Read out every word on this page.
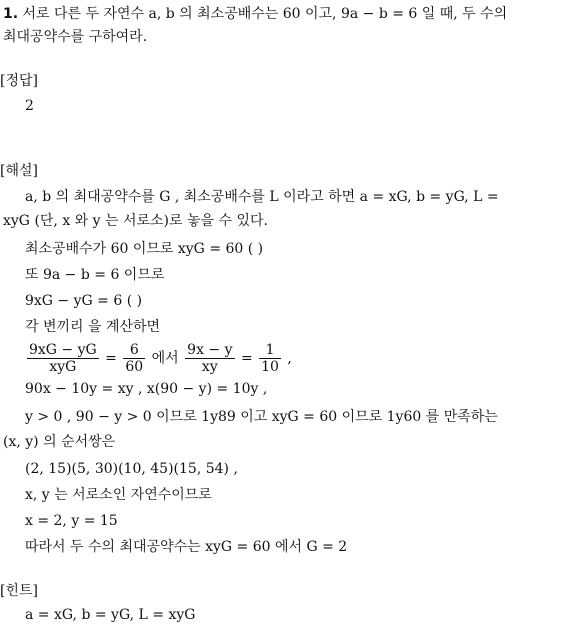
1. 서로 다른 두 자연수 a, b 의 최소공배수는 60 이고, 9a − b = 6 일 때, 두 수의
최대공약수를 구하여라.
[정답]
2
[해설]
a, b 의 최대공약수를 G , 최소공배수를 L 이라고 하면 a = xG, b = yG, L =
xyG (단, x 와 y 는 서로소)로 놓을 수 있다.
최소공배수가 60 이므로 xyG = 60 ( )
또 9a − b = 6 이므로
9xG − yG = 6 ( )
각 변끼리 을 계산하면
$\frac{9xG - yG}{\text{xyG}} = \frac{6}{60}$ 에서 $\frac{9x - y}{xy} = \frac{1}{10}$ ,
90x − 10y = xy , x(90 − y) = 10y ,
y > 0 , 90 − y > 0 이므로 1y89 이고 xyG = 60 이므로 1y60 를 만족하는
(x, y) 의 순서쌍은
(2, 15)(5, 30)(10, 45)(15, 54) ,
x, y 는 서로소인 자연수이므로
x = 2, y = 15
따라서 두 수의 최대공약수는 xyG = 60 에서 G = 2
[힌트]
a = xG, b = yG, L = xyG
